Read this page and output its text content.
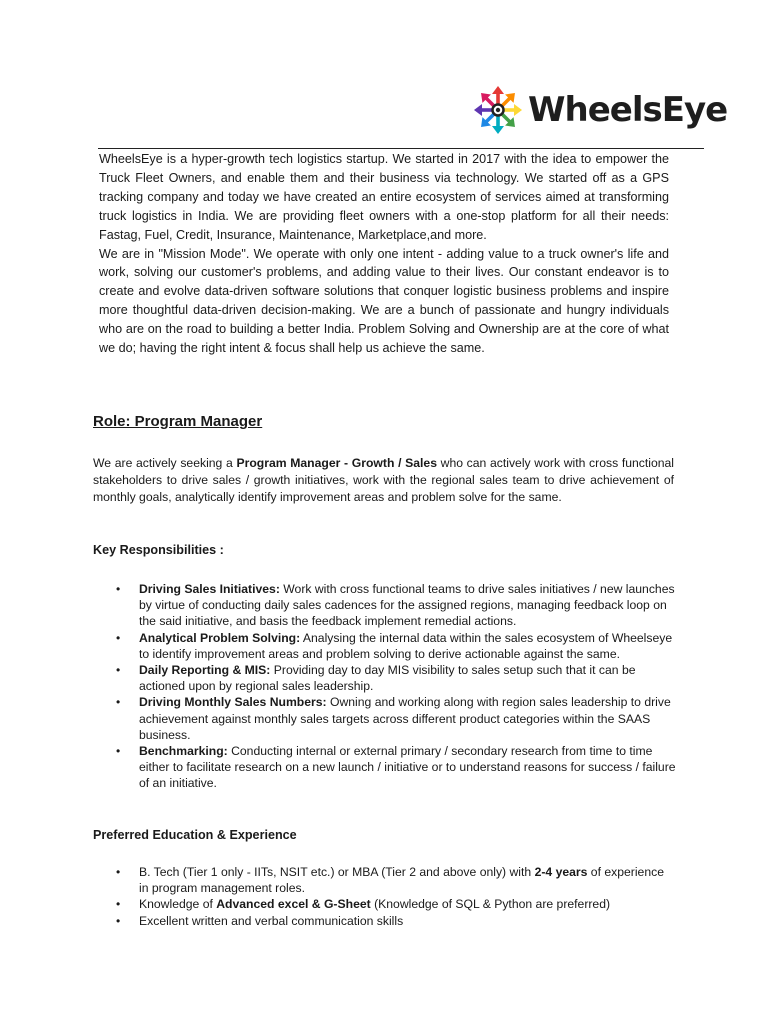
WheelsEye

WheelsEye is a hyper-growth tech logistics startup. We started in 2017 with the idea to empower the Truck Fleet Owners, and enable them and their business via technology. We started off as a GPS tracking company and today we have created an entire ecosystem of services aimed at transforming truck logistics in India. We are providing fleet owners with a one-stop platform for all their needs: Fastag, Fuel, Credit, Insurance, Maintenance, Marketplace,and more.

We are in "Mission Mode". We operate with only one intent - adding value to a truck owner's life and work, solving our customer's problems, and adding value to their lives. Our constant endeavor is to create and evolve data-driven software solutions that conquer logistic business problems and inspire more thoughtful data-driven decision-making. We are a bunch of passionate and hungry individuals who are on the road to building a better India. Problem Solving and Ownership are at the core of what we do; having the right intent & focus shall help us achieve the same.

Role: Program Manager

We are actively seeking a Program Manager - Growth / Sales who can actively work with cross functional stakeholders to drive sales / growth initiatives, work with the regional sales team to drive achievement of monthly goals, analytically identify improvement areas and problem solve for the same.

Key Responsibilities :
• Driving Sales Initiatives: Work with cross functional teams to drive sales initiatives / new launches by virtue of conducting daily sales cadences for the assigned regions, managing feedback loop on the said initiative, and basis the feedback implement remedial actions.
• Analytical Problem Solving: Analysing the internal data within the sales ecosystem of Wheelseye to identify improvement areas and problem solving to derive actionable against the same.
• Daily Reporting & MIS: Providing day to day MIS visibility to sales setup such that it can be actioned upon by regional sales leadership.
• Driving Monthly Sales Numbers: Owning and working along with region sales leadership to drive achievement against monthly sales targets across different product categories within the SAAS business.
• Benchmarking: Conducting internal or external primary / secondary research from time to time either to facilitate research on a new launch / initiative or to understand reasons for success / failure of an initiative.
Preferred Education & Experience
• B. Tech (Tier 1 only - IITs, NSIT etc.) or MBA (Tier 2 and above only) with 2-4 years of experience in program management roles.
• Knowledge of Advanced excel & G-Sheet (Knowledge of SQL & Python are preferred)
• Excellent written and verbal communication skills
